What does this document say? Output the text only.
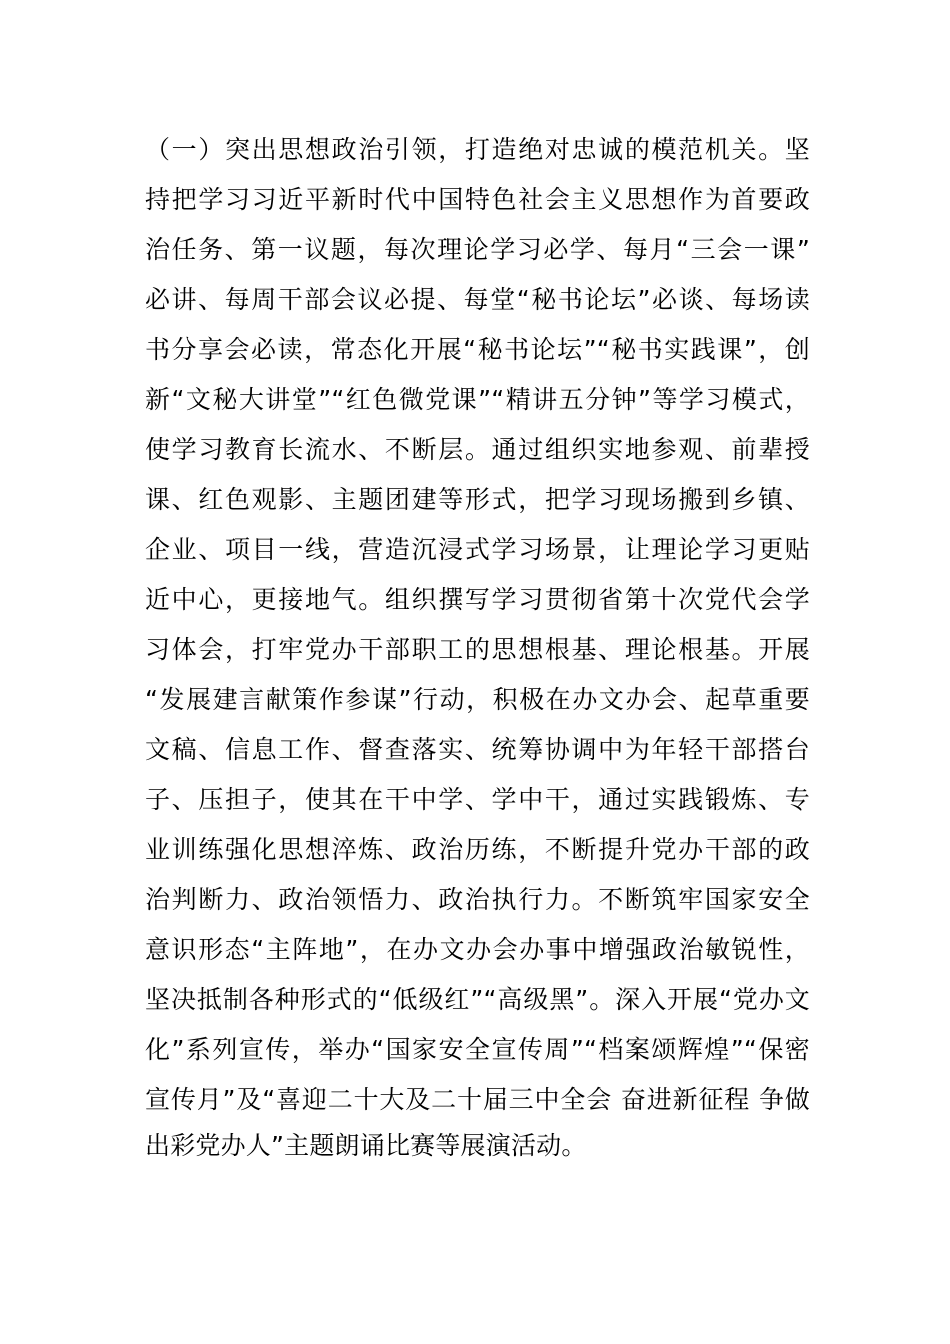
（一）突出思想政治引领，打造绝对忠诚的模范机关。坚
持把学习习近平新时代中国特色社会主义思想作为首要政
治任务、第一议题，每次理论学习必学、每月“三会一课”
必讲、每周干部会议必提、每堂“秘书论坛”必谈、每场读
书分享会必读，常态化开展“秘书论坛”“秘书实践课”，创
新“文秘大讲堂”“红色微党课”“精讲五分钟”等学习模式，
使学习教育长流水、不断层。通过组织实地参观、前辈授
课、红色观影、主题团建等形式，把学习现场搬到乡镇、
企业、项目一线，营造沉浸式学习场景，让理论学习更贴
近中心，更接地气。组织撰写学习贯彻省第十次党代会学
习体会，打牢党办干部职工的思想根基、理论根基。开展
“发展建言献策作参谋”行动，积极在办文办会、起草重要
文稿、信息工作、督查落实、统筹协调中为年轻干部搭台
子、压担子，使其在干中学、学中干，通过实践锻炼、专
业训练强化思想淬炼、政治历练，不断提升党办干部的政
治判断力、政治领悟力、政治执行力。不断筑牢国家安全
意识形态“主阵地”，在办文办会办事中增强政治敏锐性，
坚决抵制各种形式的“低级红”“高级黑”。深入开展“党办文
化”系列宣传，举办“国家安全宣传周”“档案颂辉煌”“保密
宣传月”及“喜迎二十大及二十届三中全会 奋进新征程 争做
出彩党办人”主题朗诵比赛等展演活动。
